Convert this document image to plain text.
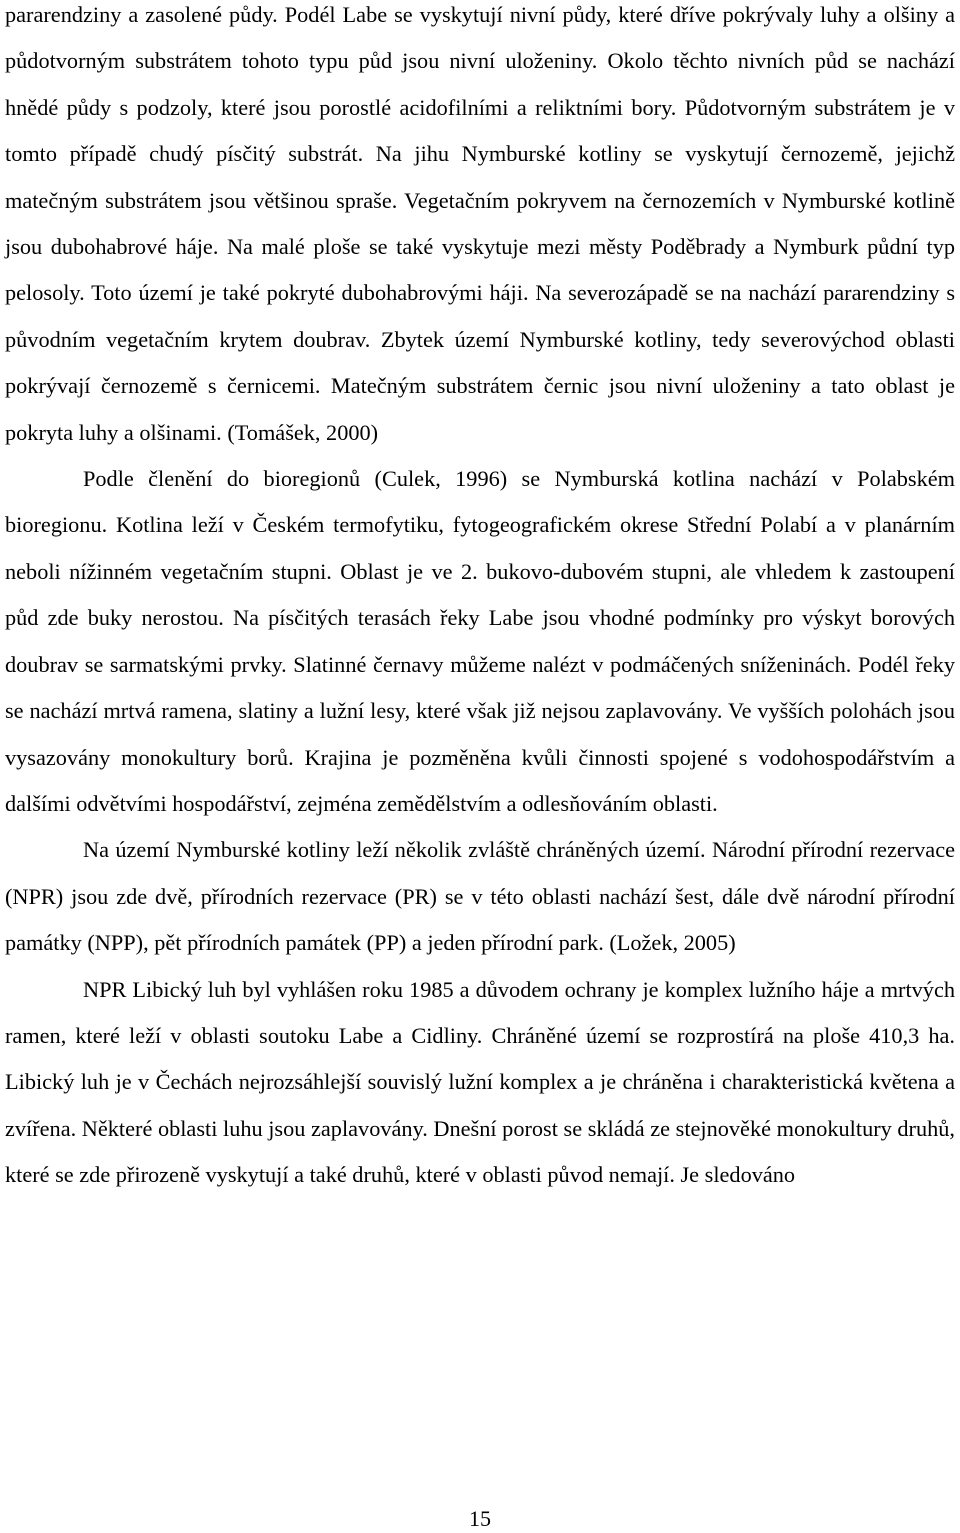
pararendziny a zasolené půdy. Podél Labe se vyskytují nivní půdy, které dříve pokrývaly luhy a olšiny a půdotvorným substrátem tohoto typu půd jsou nivní uloženiny. Okolo těchto nivních půd se nachází hnědé půdy s podzoly, které jsou porostlé acidofilními a reliktními bory. Půdotvorným substrátem je v tomto případě chudý písčitý substrát. Na jihu Nymburské kotliny se vyskytují černozemě, jejichž matečným substrátem jsou většinou spraše. Vegetačním pokryvem na černozemích v Nymburské kotlině jsou dubohabrové háje. Na malé ploše se také vyskytuje mezi městy Poděbrady a Nymburk půdní typ pelosoly. Toto území je také pokryté dubohabrovými háji. Na severozápadě se na nachází pararendziny s původním vegetačním krytem doubrav. Zbytek území Nymburské kotliny, tedy severovýchod oblasti pokrývají černozemě s černicemi. Matečným substrátem černic jsou nivní uloženiny a tato oblast je pokryta luhy a olšinami. (Tomášek, 2000)

Podle členění do bioregionů (Culek, 1996) se Nymburská kotlina nachází v Polabském bioregionu. Kotlina leží v Českém termofytiku, fytogeografickém okrese Střední Polabí a v planárním neboli nížinném vegetačním stupni. Oblast je ve 2. bukovo-dubovém stupni, ale vhledem k zastoupení půd zde buky nerostou. Na písčitých terasách řeky Labe jsou vhodné podmínky pro výskyt borových doubrav se sarmatskými prvky. Slatinné černavy můžeme nalézt v podmáčených sníženinách. Podél řeky se nachází mrtvá ramena, slatiny a lužní lesy, které však již nejsou zaplavovány. Ve vyšších polohách jsou vysazovány monokultury borů. Krajina je pozměněna kvůli činnosti spojené s vodohospodářstvím a dalšími odvětvími hospodářství, zejména zemědělstvím a odlesňováním oblasti.

Na území Nymburské kotliny leží několik zvláště chráněných území. Národní přírodní rezervace (NPR) jsou zde dvě, přírodních rezervace (PR) se v této oblasti nachází šest, dále dvě národní přírodní památky (NPP), pět přírodních památek (PP) a jeden přírodní park. (Ložek, 2005)

NPR Libický luh byl vyhlášen roku 1985 a důvodem ochrany je komplex lužního háje a mrtvých ramen, které leží v oblasti soutoku Labe a Cidliny. Chráněné území se rozprostírá na ploše 410,3 ha. Libický luh je v Čechách nejrozsáhlejší souvislý lužní komplex a je chráněna i charakteristická květena a zvířena. Některé oblasti luhu jsou zaplavovány. Dnešní porost se skládá ze stejnověké monokultury druhů, které se zde přirozeně vyskytují a také druhů, které v oblasti původ nemají. Je sledováno

15
